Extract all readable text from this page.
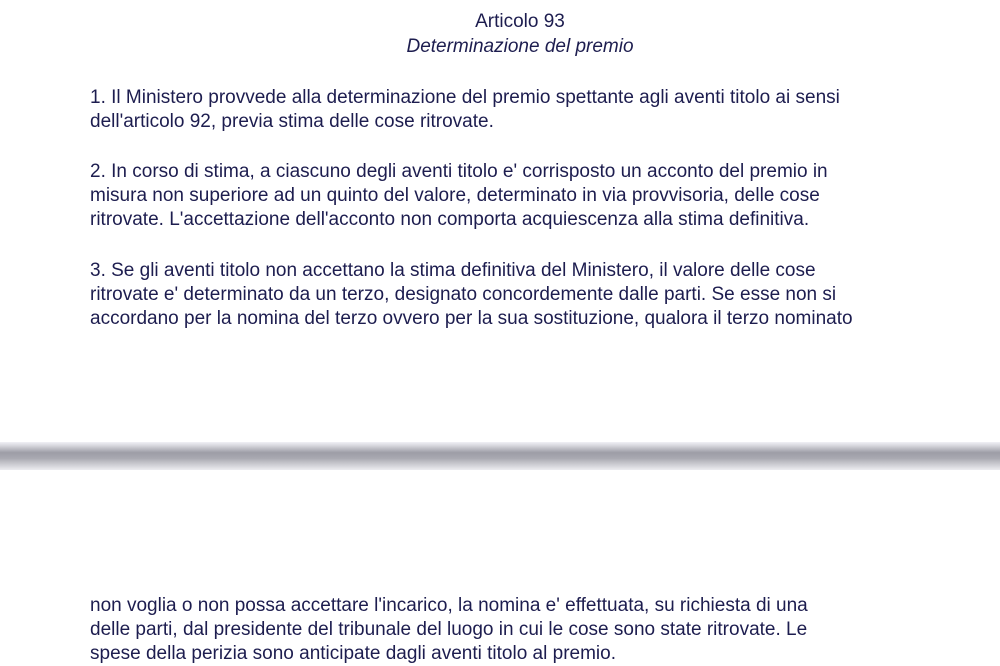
Articolo 93
Determinazione del premio
1. Il Ministero provvede alla determinazione del premio spettante agli aventi titolo ai sensi
dell'articolo 92, previa stima delle cose ritrovate.
2. In corso di stima, a ciascuno degli aventi titolo e' corrisposto un acconto del premio in
misura non superiore ad un quinto del valore, determinato in via provvisoria, delle cose
ritrovate. L'accettazione dell'acconto non comporta acquiescenza alla stima definitiva.
3. Se gli aventi titolo non accettano la stima definitiva del Ministero, il valore delle cose
ritrovate e' determinato da un terzo, designato concordemente dalle parti. Se esse non si
accordano per la nomina del terzo ovvero per la sua sostituzione, qualora il terzo nominato
non voglia o non possa accettare l'incarico, la nomina e' effettuata, su richiesta di una
delle parti, dal presidente del tribunale del luogo in cui le cose sono state ritrovate. Le
spese della perizia sono anticipate dagli aventi titolo al premio.
